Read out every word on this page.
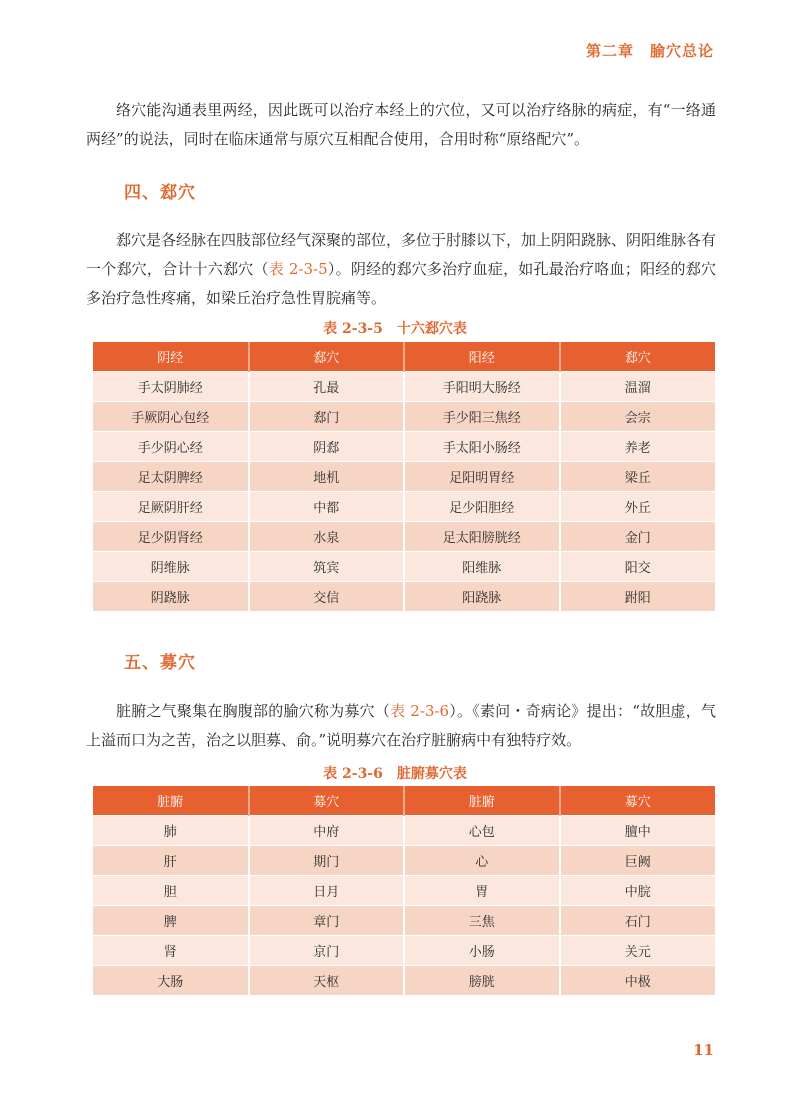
第二章　腧穴总论

络穴能沟通表里两经，因此既可以治疗本经上的穴位，又可以治疗络脉的病症，有“一络通两经”的说法，同时在临床通常与原穴互相配合使用，合用时称“原络配穴”。

四、郄穴

郄穴是各经脉在四肢部位经气深聚的部位，多位于肘膝以下，加上阴阳跷脉、阴阳维脉各有一个郄穴，合计十六郄穴（表 2-3-5）。阴经的郄穴多治疗血症，如孔最治疗咯血；阳经的郄穴多治疗急性疼痛，如梁丘治疗急性胃脘痛等。

表 2-3-5　十六郄穴表
阴经	郄穴	阳经	郄穴
手太阴肺经	孔最	手阳明大肠经	温溜
手厥阴心包经	郄门	手少阳三焦经	会宗
手少阴心经	阴郄	手太阳小肠经	养老
足太阴脾经	地机	足阳明胃经	梁丘
足厥阴肝经	中都	足少阳胆经	外丘
足少阴肾经	水泉	足太阳膀胱经	金门
阴维脉	筑宾	阳维脉	阳交
阴跷脉	交信	阳跷脉	跗阳
五、募穴

脏腑之气聚集在胸腹部的腧穴称为募穴（表 2-3-6）。《素问・奇病论》提出：“故胆虚，气上溢而口为之苦，治之以胆募、俞。”说明募穴在治疗脏腑病中有独特疗效。

表 2-3-6　脏腑募穴表
脏腑	募穴	脏腑	募穴
肺	中府	心包	膻中
肝	期门	心	巨阙
胆	日月	胃	中脘
脾	章门	三焦	石门
肾	京门	小肠	关元
大肠	天枢	膀胱	中极
11
